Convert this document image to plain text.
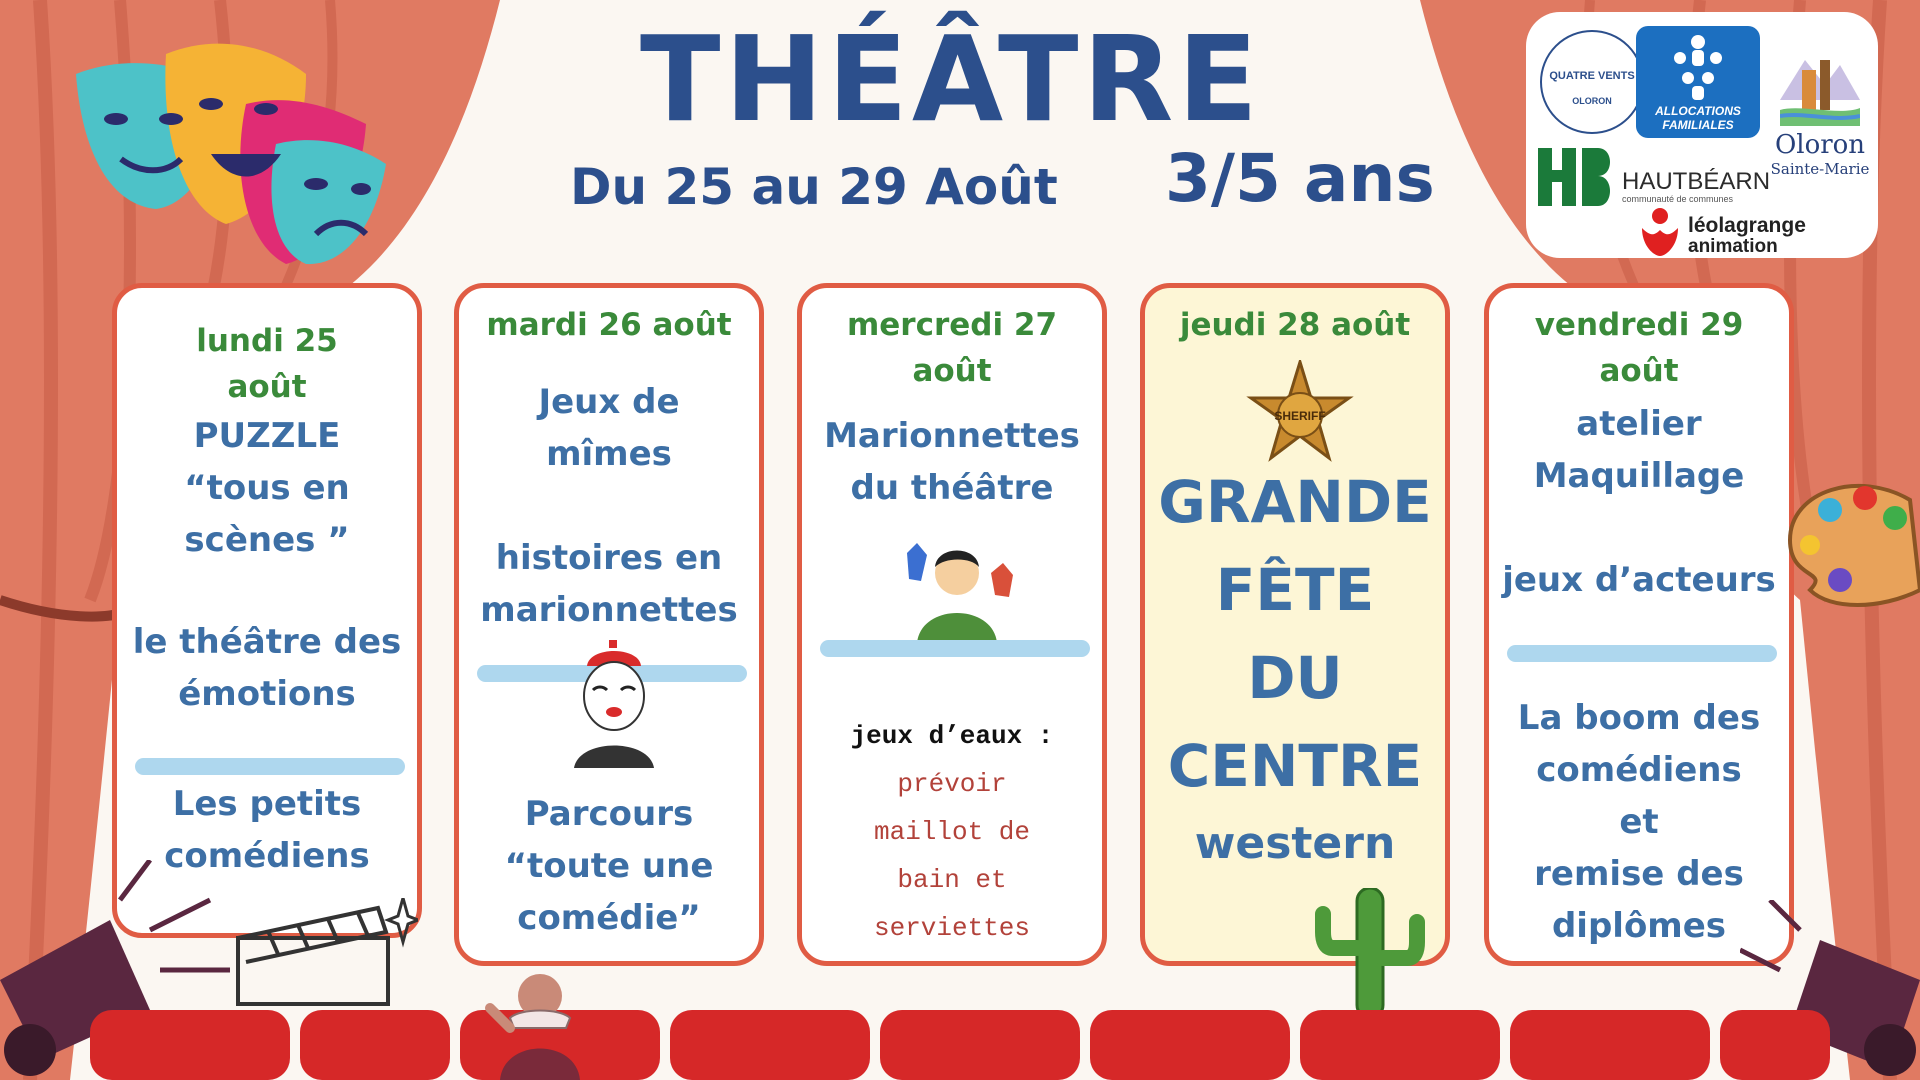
THÉÂTRE
Du 25 au 29 Août 3/5 ans
QUATRE VENTS
OLORON
ALLOCATIONS FAMILIALES
Oloron
Sainte-Marie
HAUTBÉARN
communauté de communes
léolagrange
animation
lundi 25
août
PUZZLE
“tous en
scènes ”
le théâtre des
émotions
Les petits
comédiens
mardi 26 août
Jeux de
mîmes
histoires en
marionnettes
Parcours
“toute une
comédie”
mercredi 27
août
Marionnettes
du théâtre
jeux d’eaux :
prévoir
maillot de
bain et
serviettes
jeudi 28 août
SHERIFF
GRANDE
FÊTE
DU
CENTRE
western
vendredi 29
août
atelier
Maquillage
jeux d’acteurs
La boom des
comédiens
et
remise des
diplômes
